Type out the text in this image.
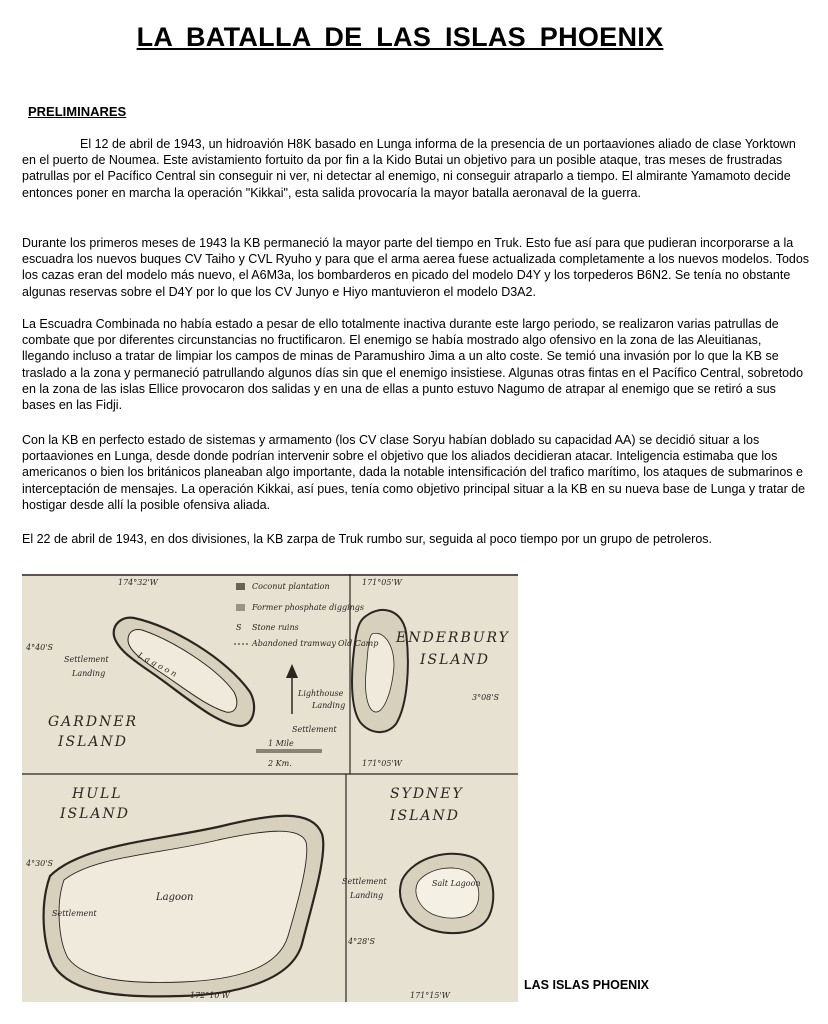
LA BATALLA DE LAS ISLAS PHOENIX
PRELIMINARES

El 12 de abril de 1943, un hidroavión H8K basado en Lunga informa de la presencia de un portaaviones aliado de clase Yorktown en el puerto de Noumea. Este avistamiento fortuito da por fin a la Kido Butai un objetivo para un posible ataque, tras meses de frustradas patrullas por el Pacífico Central sin conseguir ni ver, ni detectar al enemigo, ni conseguir atraparlo a tiempo. El almirante Yamamoto decide entonces poner en marcha la operación "Kikkai", esta salida provocaría la mayor batalla aeronaval de la guerra.

Durante los primeros meses de 1943 la KB permaneció la mayor parte del tiempo en Truk. Esto fue así para que pudieran incorporarse a la escuadra los nuevos buques CV Taiho y CVL Ryuho y para que el arma aerea fuese actualizada completamente a los nuevos modelos. Todos los cazas eran del modelo más nuevo, el A6M3a, los bombarderos en picado del modelo D4Y y los torpederos B6N2. Se tenía no obstante algunas reservas sobre el D4Y por lo que los CV Junyo e Hiyo mantuvieron el modelo D3A2.

La Escuadra Combinada no había estado a pesar de ello totalmente inactiva durante este largo periodo, se realizaron varias patrullas de combate que por diferentes circunstancias no fructificaron. El enemigo se había mostrado algo ofensivo en la zona de las Aleuitianas, llegando incluso a tratar de limpiar los campos de minas de Paramushiro Jima a un alto coste. Se temió una invasión por lo que la KB se traslado a la zona y permaneció patrullando algunos días sin que el enemigo insistiese. Algunas otras fintas en el Pacífico Central, sobretodo en la zona de las islas Ellice provocaron dos salidas y en una de ellas a punto estuvo Nagumo de atrapar al enemigo que se retiró a sus bases en las Fidji.

Con la KB en perfecto estado de sistemas y armamento (los CV clase Soryu habían doblado su capacidad AA) se decidió situar a los portaaviones en Lunga, desde donde podrían intervenir sobre el objetivo que los aliados decidieran atacar. Inteligencia estimaba que los americanos o bien los británicos planeaban algo importante, dada la notable intensificación del trafico marítimo, los ataques de submarinos e interceptación de mensajes. La operación Kikkai, así pues, tenía como objetivo principal situar a la KB en su nueva base de Lunga y tratar de hostigar desde allí la posible ofensiva aliada.

El 22 de abril de 1943, en dos divisiones, la KB zarpa de Truk rumbo sur, seguida al poco tiempo por un grupo de petroleros.

L a g o o n
Settlement
Landing
GARDNER
ISLAND
174°32'W
4°40'S
Coconut plantation
Former phosphate diggings
S Stone ruins
Abandoned tramway
1 Mile
2 Km.
Lighthouse
Landing
Settlement
171°05'W
Old Camp ENDERBURY
ISLAND
3°08'S
171°05'W
HULL
ISLAND
Lagoon
4°30'S
Settlement
172°10'W
SYDNEY
ISLAND
Salt Lagoon
Settlement
Landing
4°28'S
171°15'W

LAS ISLAS PHOENIX
